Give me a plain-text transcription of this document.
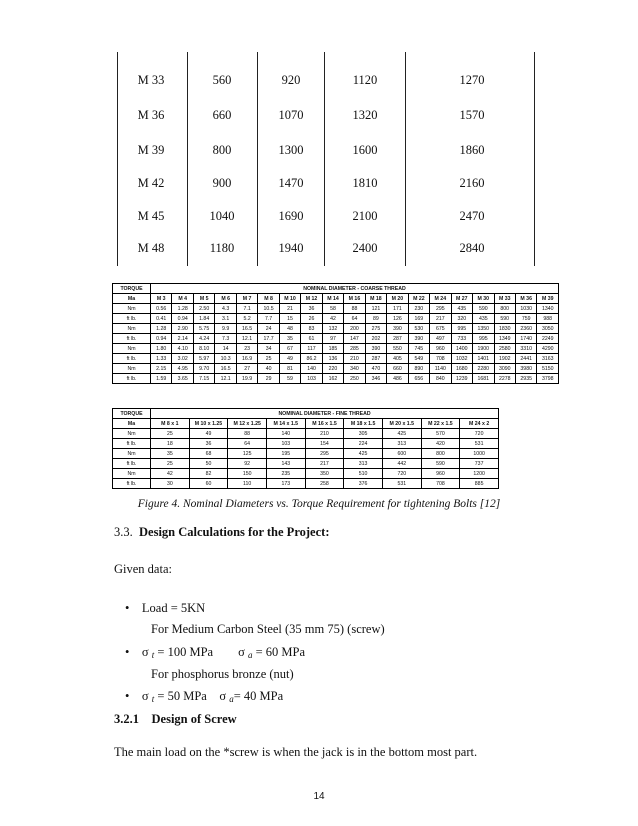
M 33	560	920	1120	1270
M 36	660	1070	1320	1570
M 39	800	1300	1600	1860
M 42	900	1470	1810	2160
M 45	1040	1690	2100	2470
M 48	1180	1940	2400	2840
TORQUE	NOMINAL DIAMETER - COARSE THREAD																		
Ma	M 3	M 4	M 5	M 6	M 7	M 8	M 10	M 12	M 14	M 16	M 18	M 20	M 22	M 24	M 27	M 30	M 33	M 36	M 39
Nm	0.56	1.28	2.50	4.3	7.1	10.5	21	36	58	88	121	171	230	295	435	590	800	1030	1340
ft lb.	0.41	0.94	1.84	3.1	5.2	7.7	15	26	42	64	89	126	169	217	320	435	590	759	988
Nm	1.28	2.90	5.75	9.9	16.5	24	48	83	132	200	275	390	530	675	995	1350	1830	2360	3050
ft lb.	0.94	2.14	4.24	7.3	12.1	17.7	35	61	97	147	202	287	390	497	733	995	1349	1740	2249
Nm	1.80	4.10	8.10	14	23	34	67	117	185	285	390	550	745	960	1400	1900	2580	3310	4290
ft lb.	1.33	3.02	5.97	10.3	16.9	25	49	86.2	136	210	287	405	549	708	1032	1401	1902	2441	3163
Nm	2.15	4.95	9.70	16.5	27	40	81	140	220	340	470	660	890	1140	1680	2280	3090	3980	5150
ft lb.	1.59	3.65	7.15	12.1	19.9	29	59	103	162	250	346	486	656	840	1239	1681	2278	2935	3798
TORQUE	NOMINAL DIAMETER - FINE THREAD								
Ma	M 8 x 1	M 10 x 1.25	M 12 x 1.25	M 14 x 1.5	M 16 x 1.5	M 18 x 1.5	M 20 x 1.5	M 22 x 1.5	M 24 x 2
Nm	25	49	88	140	210	305	425	570	720
ft lb.	18	36	64	103	154	224	313	420	531
Nm	35	68	125	195	295	425	600	800	1000
ft lb.	25	50	92	143	217	313	442	590	737
Nm	42	82	150	235	350	510	720	960	1200
ft lb.	30	60	110	173	258	376	531	708	885
Figure 4. Nominal Diameters vs. Torque Requirement for tightening Bolts [12]
3.3. Design Calculations for the Project:
Given data:
• Load = 5KN
For Medium Carbon Steel (35 mm 75) (screw)
• σ t = 100 MPa σ a = 60 MPa
For phosphorus bronze (nut)
• σ t = 50 MPa σ a= 40 MPa
3.2.1 Design of Screw
The main load on the *screw is when the jack is in the bottom most part.
14
